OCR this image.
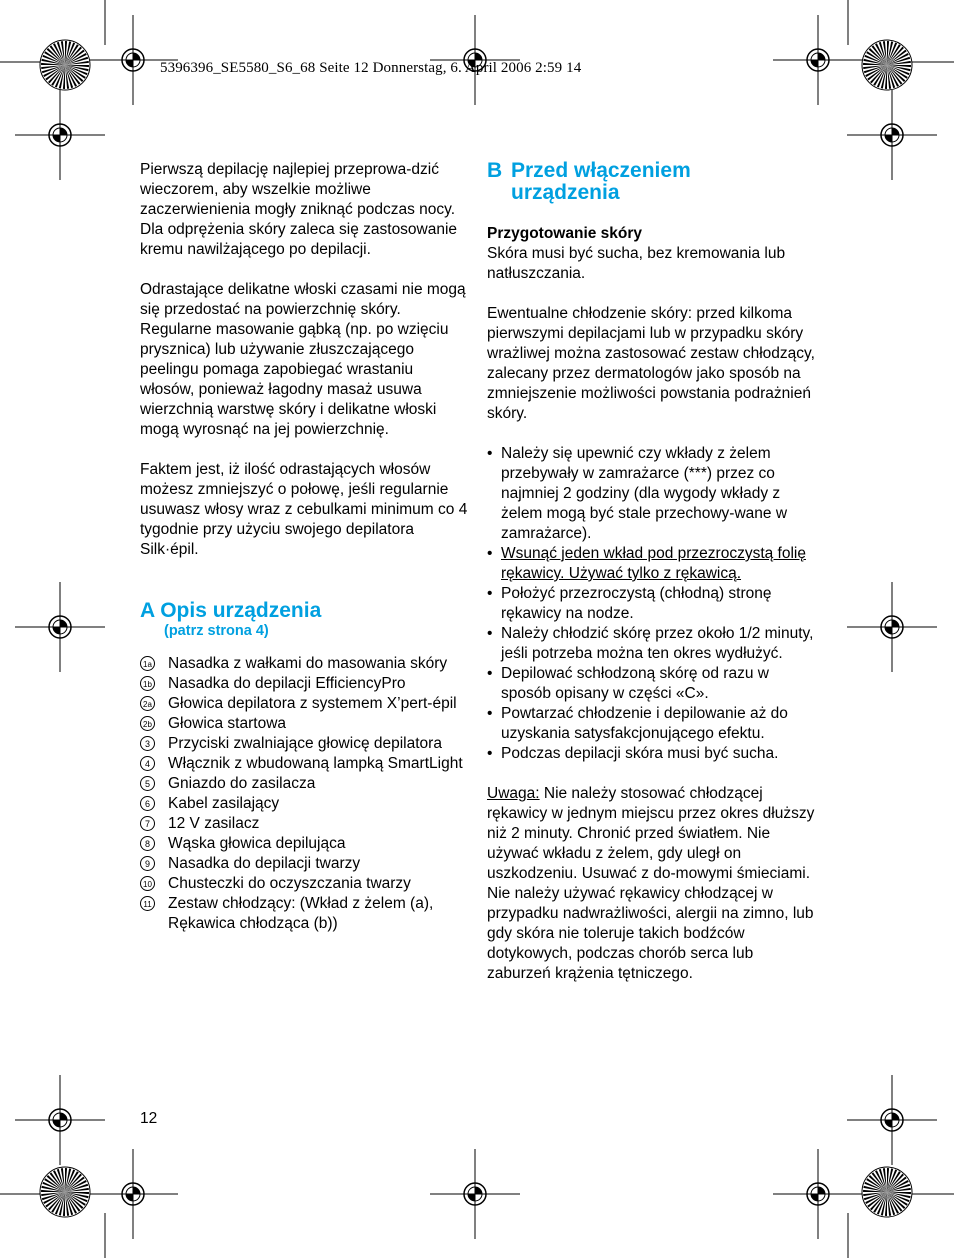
5396396_SE5580_S6_68 Seite 12 Donnerstag, 6. April 2006 2:59 14

Pierwszą depilację najlepiej przeprowa-dzić wieczorem, aby wszelkie możliwe zaczerwienienia mogły zniknąć podczas nocy. Dla odprężenia skóry zaleca się zastosowanie kremu nawilżającego po depilacji.

Odrastające delikatne włoski czasami nie mogą się przedostać na powierzchnię skóry. Regularne masowanie gąbką (np. po wzięciu prysznica) lub używanie złuszczającego peelingu pomaga zapobiegać wrastaniu włosów, ponieważ łagodny masaż usuwa wierzchnią warstwę skóry i delikatne włoski mogą wyrosnąć na jej powierzchnię.

Faktem jest, iż ilość odrastających włosów możesz zmniejszyć o połowę, jeśli regularnie usuwasz włosy wraz z cebulkami minimum co 4 tygodnie przy użyciu swojego depilatora Silk·épil.

A Opis urządzenia
(patrz strona 4)
1a Nasadka z wałkami do masowania skóry
1b Nasadka do depilacji EfficiencyPro
2a Głowica depilatora z systemem X’pert-épil
2b Głowica startowa
3	Przyciski zwalniające głowicę depilatora
4	Włącznik z wbudowaną lampką SmartLight
5	Gniazdo do zasilacza
6	Kabel zasilający
7	12 V zasilacz
8	Wąska głowica depilująca
9	Nasadka do depilacji twarzy
10 Chusteczki do oczyszczania twarzy
11 Zestaw chłodzący: (Wkład z żelem (a), Rękawica chłodząca (b))
B Przed włączeniem
urządzenia
Przygotowanie skóry

Skóra musi być sucha, bez kremowania lub natłuszczania.

Ewentualne chłodzenie skóry: przed kilkoma pierwszymi depilacjami lub w przypadku skóry wrażliwej można zastosować zestaw chłodzący, zalecany przez dermatologów jako sposób na zmniejszenie możliwości powstania podrażnień skóry.

• Należy się upewnić czy wkłady z żelem przebywały w zamrażarce (***) przez co najmniej 2 godziny (dla wygody wkłady z żelem mogą być stale przechowy-wane w zamrażarce).
• Wsunąć jeden wkład pod przezroczystą folię rękawicy. Używać tylko z rękawicą.
• Położyć przezroczystą (chłodną) stronę rękawicy na nodze.
• Należy chłodzić skórę przez około 1/2 minuty, jeśli potrzeba można ten okres wydłużyć.
• Depilować schłodzoną skórę od razu w sposób opisany w części «C».
• Powtarzać chłodzenie i depilowanie aż do uzyskania satysfakcjonującego efektu.
• Podczas depilacji skóra musi być sucha.

Uwaga: Nie należy stosować chłodzącej rękawicy w jednym miejscu przez okres dłuższy niż 2 minuty. Chronić przed światłem. Nie używać wkładu z żelem, gdy uległ on uszkodzeniu. Usuwać z do-mowymi śmieciami. Nie należy używać rękawicy chłodzącej w przypadku nadwrażliwości, alergii na zimno, lub gdy skóra nie toleruje takich bodźców dotykowych, podczas chorób serca lub zaburzeń krążenia tętniczego.

12
